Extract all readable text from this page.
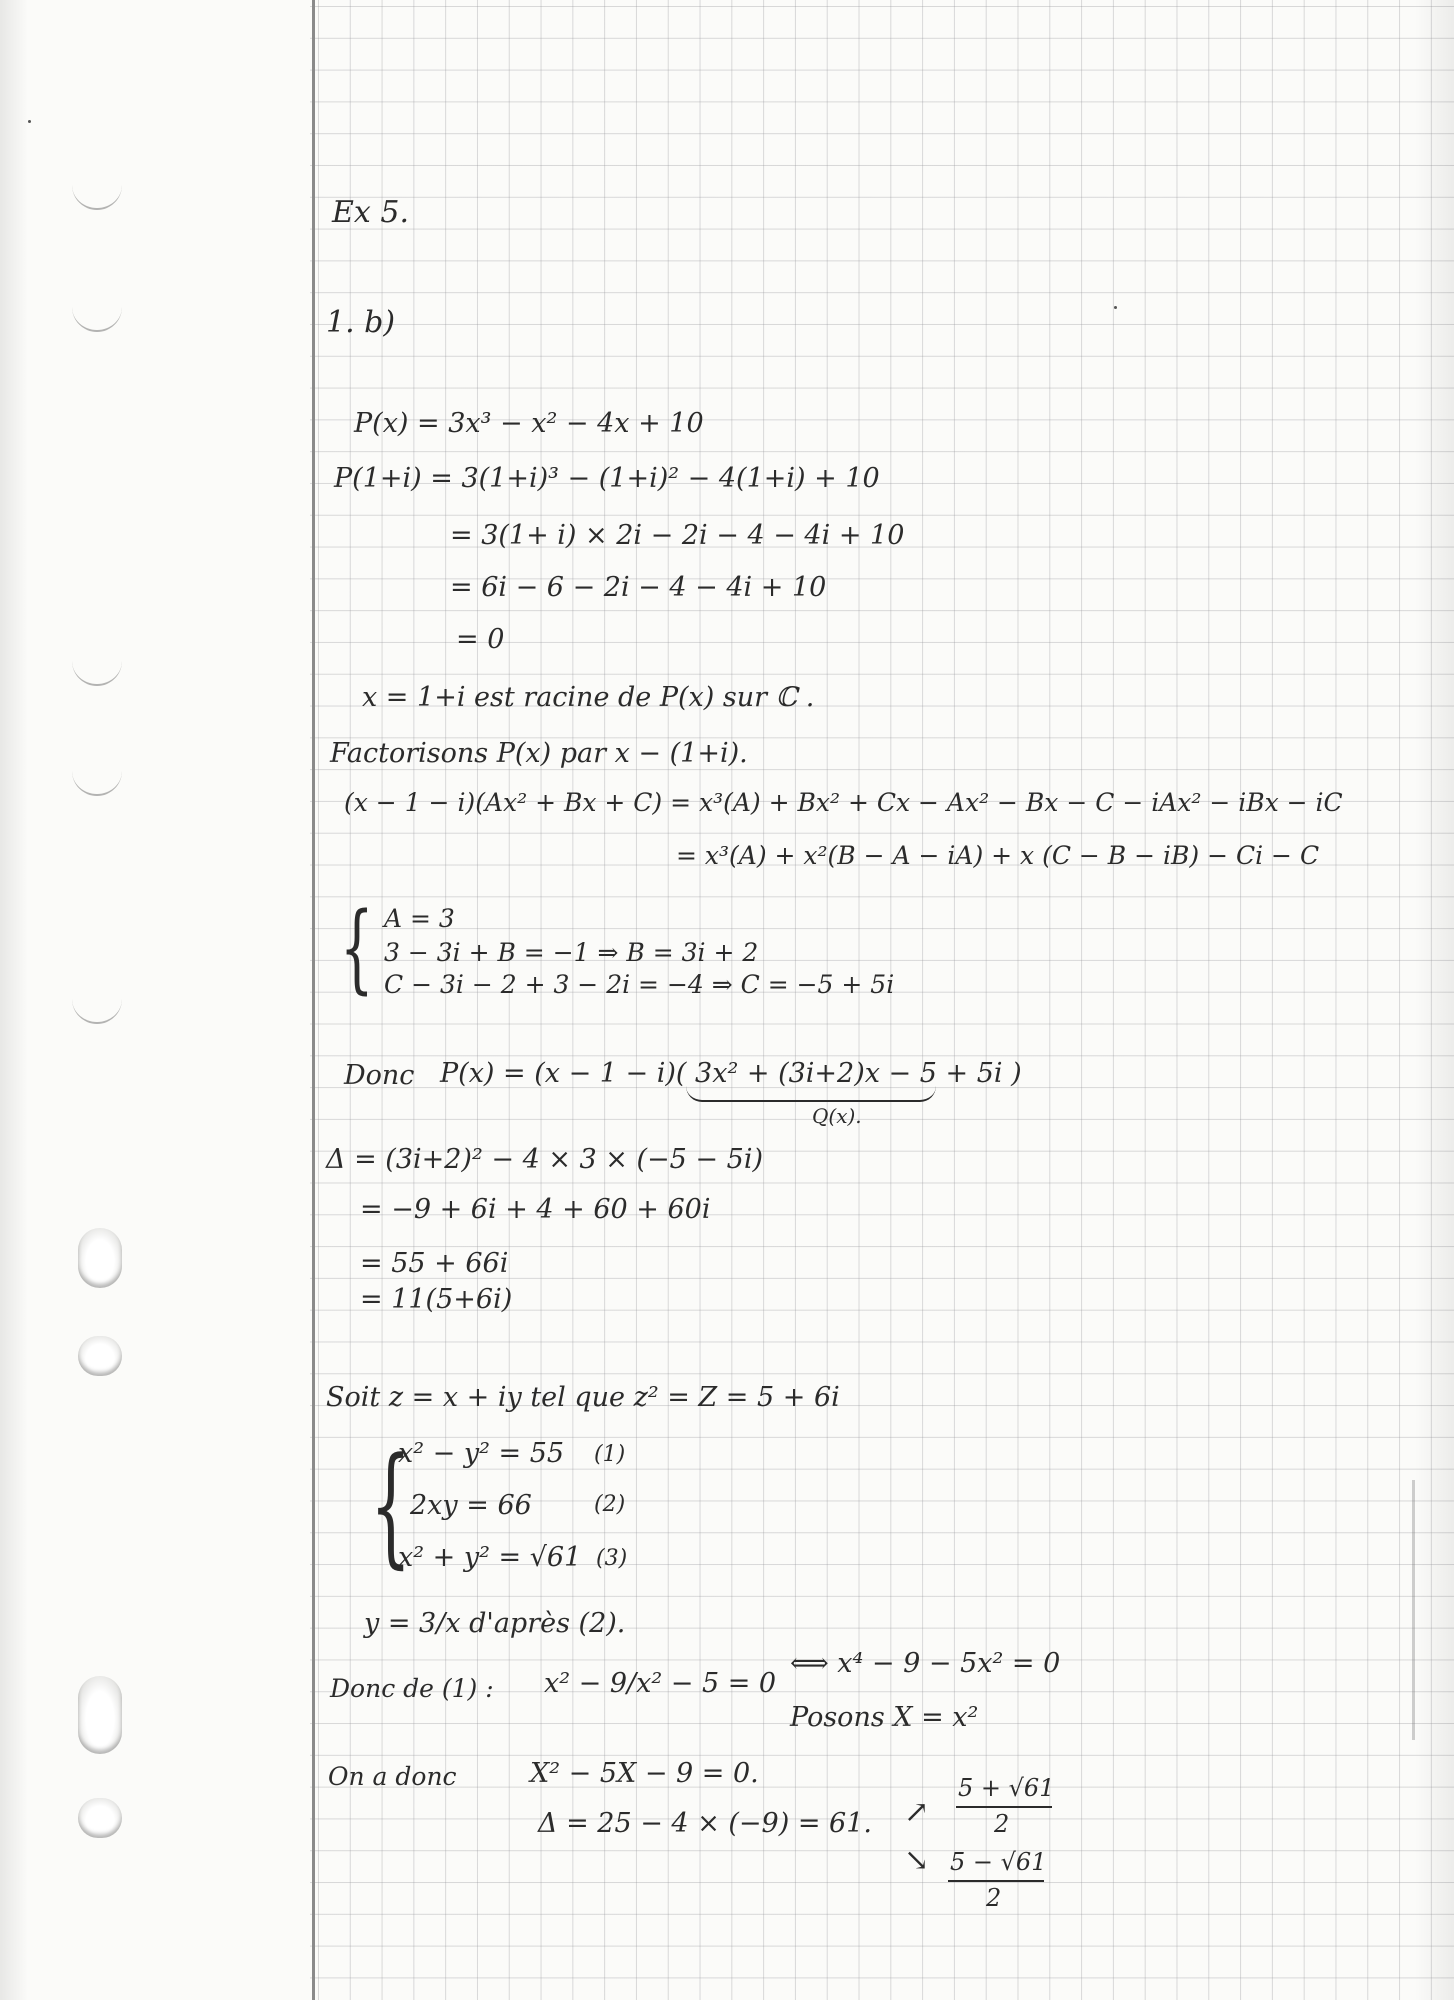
Ex 5.
1. b)
P(x) = 3x³ − x² − 4x + 10
P(1+i) = 3(1+i)³ − (1+i)² − 4(1+i) + 10
= 3(1+ i) × 2i − 2i − 4 − 4i + 10
= 6i − 6 − 2i − 4 − 4i + 10
= 0
x = 1+i est racine de P(x) sur ℂ .
Factorisons P(x) par x − (1+i).
(x − 1 − i)(Ax² + Bx + C) = x³(A) + Bx² + Cx − Ax² − Bx − C − iAx² − iBx − iC
= x³(A) + x²(B − A − iA) + x (C − B − iB) − Ci − C
{ A = 3
3 − 3i + B = −1 ⇒ B = 3i + 2
C − 3i − 2 + 3 − 2i = −4 ⇒ C = −5 + 5i
Donc P(x) = (x − 1 − i)( 3x² + (3i+2)x − 5 + 5i )
Q(x).
Δ = (3i+2)² − 4 × 3 × (−5 − 5i)
= −9 + 6i + 4 + 60 + 60i
= 55 + 66i
= 11(5+6i)
Soit z = x + iy tel que z² = Z = 5 + 6i
{
x² − y² = 55 (1)
2xy = 66	(2)
x² + y² = √61 (3)
y = 3/x d'après (2).
Donc de (1) : x² − 9/x² − 5 = 0
⟺ x⁴ − 9 − 5x² = 0
Posons X = x²
On a donc	X² − 5X − 9 = 0.
Δ = 25 − 4 × (−9) = 61. ↗
↘
5 + √61
2
5 − √61
2
